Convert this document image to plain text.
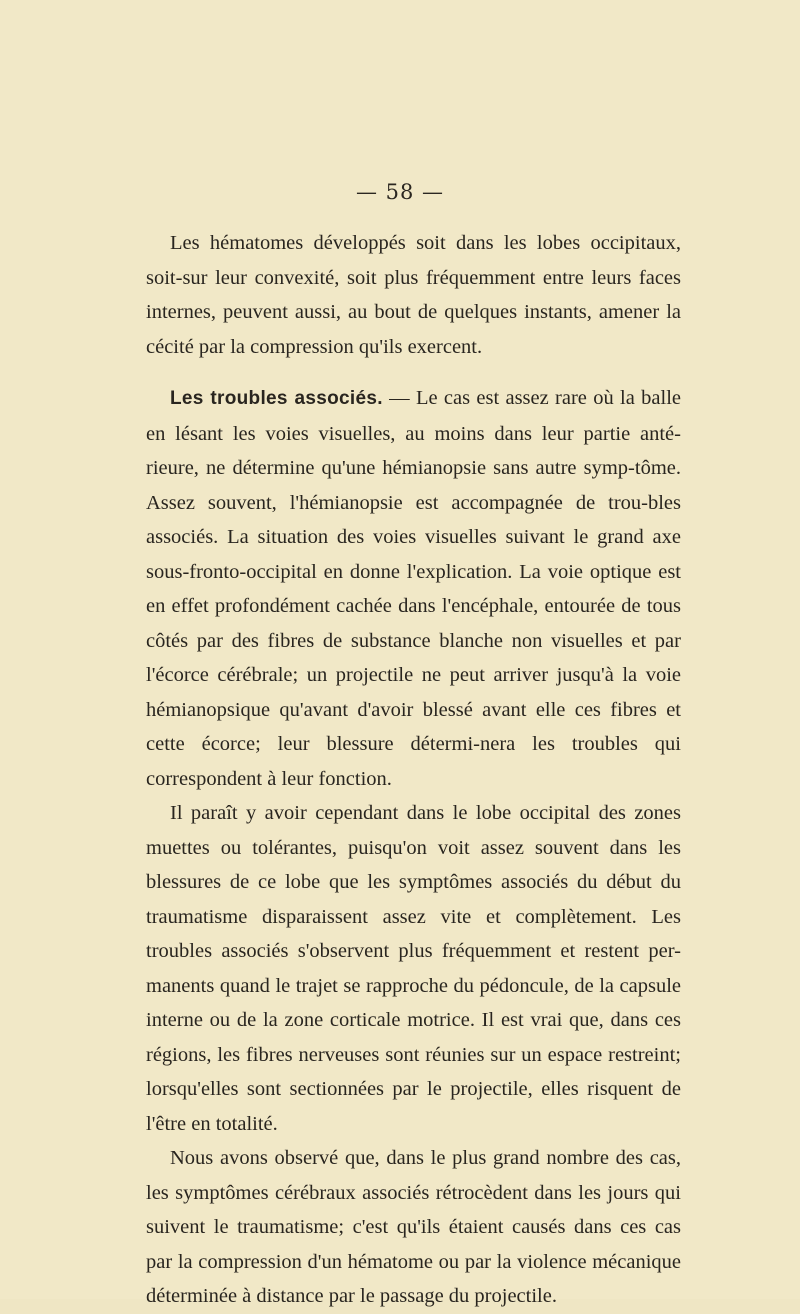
— 58 —

Les hématomes développés soit dans les lobes occipitaux, soit-sur leur convexité, soit plus fréquemment entre leurs faces internes, peuvent aussi, au bout de quelques instants, amener la cécité par la compression qu'ils exercent.

Les troubles associés. — Le cas est assez rare où la balle en lésant les voies visuelles, au moins dans leur partie anté-rieure, ne détermine qu'une hémianopsie sans autre symp-tôme. Assez souvent, l'hémianopsie est accompagnée de trou-bles associés. La situation des voies visuelles suivant le grand axe sous-fronto-occipital en donne l'explication. La voie optique est en effet profondément cachée dans l'encéphale, entourée de tous côtés par des fibres de substance blanche non visuelles et par l'écorce cérébrale; un projectile ne peut arriver jusqu'à la voie hémianopsique qu'avant d'avoir blessé avant elle ces fibres et cette écorce; leur blessure détermi-nera les troubles qui correspondent à leur fonction.

Il paraît y avoir cependant dans le lobe occipital des zones muettes ou tolérantes, puisqu'on voit assez souvent dans les blessures de ce lobe que les symptômes associés du début du traumatisme disparaissent assez vite et complètement. Les troubles associés s'observent plus fréquemment et restent per-manents quand le trajet se rapproche du pédoncule, de la capsule interne ou de la zone corticale motrice. Il est vrai que, dans ces régions, les fibres nerveuses sont réunies sur un espace restreint; lorsqu'elles sont sectionnées par le projectile, elles risquent de l'être en totalité.

Nous avons observé que, dans le plus grand nombre des cas, les symptômes cérébraux associés rétrocèdent dans les jours qui suivent le traumatisme; c'est qu'ils étaient causés dans ces cas par la compression d'un hématome ou par la violence mécanique déterminée à distance par le passage du projectile.
